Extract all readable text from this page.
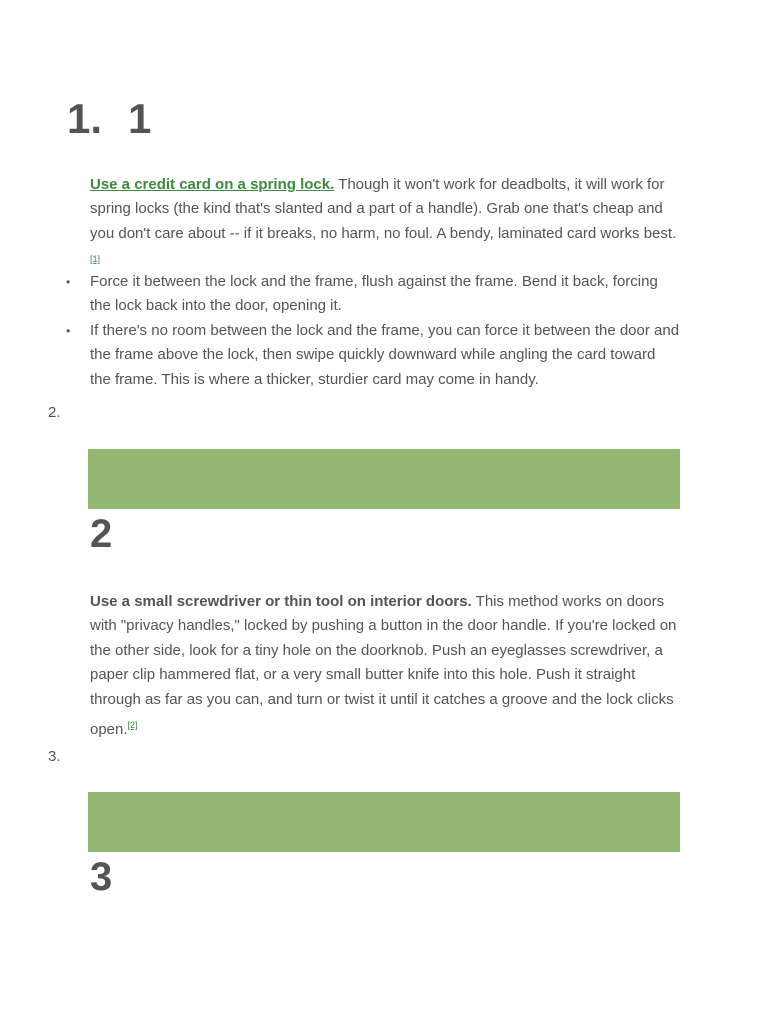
1. 1
Use a credit card on a spring lock. Though it won't work for deadbolts, it will work for spring locks (the kind that's slanted and a part of a handle). Grab one that's cheap and you don't care about -- if it breaks, no harm, no foul. A bendy, laminated card works best.[1]
• Force it between the lock and the frame, flush against the frame. Bend it back, forcing the lock back into the door, opening it.
• If there's no room between the lock and the frame, you can force it between the door and the frame above the lock, then swipe quickly downward while angling the card toward the frame. This is where a thicker, sturdier card may come in handy.
2.
2
Use a small screwdriver or thin tool on interior doors. This method works on doors with "privacy handles," locked by pushing a button in the door handle. If you're locked on the other side, look for a tiny hole on the doorknob. Push an eyeglasses screwdriver, a paper clip hammered flat, or a very small butter knife into this hole. Push it straight through as far as you can, and turn or twist it until it catches a groove and the lock clicks open.[2]
3.
3
